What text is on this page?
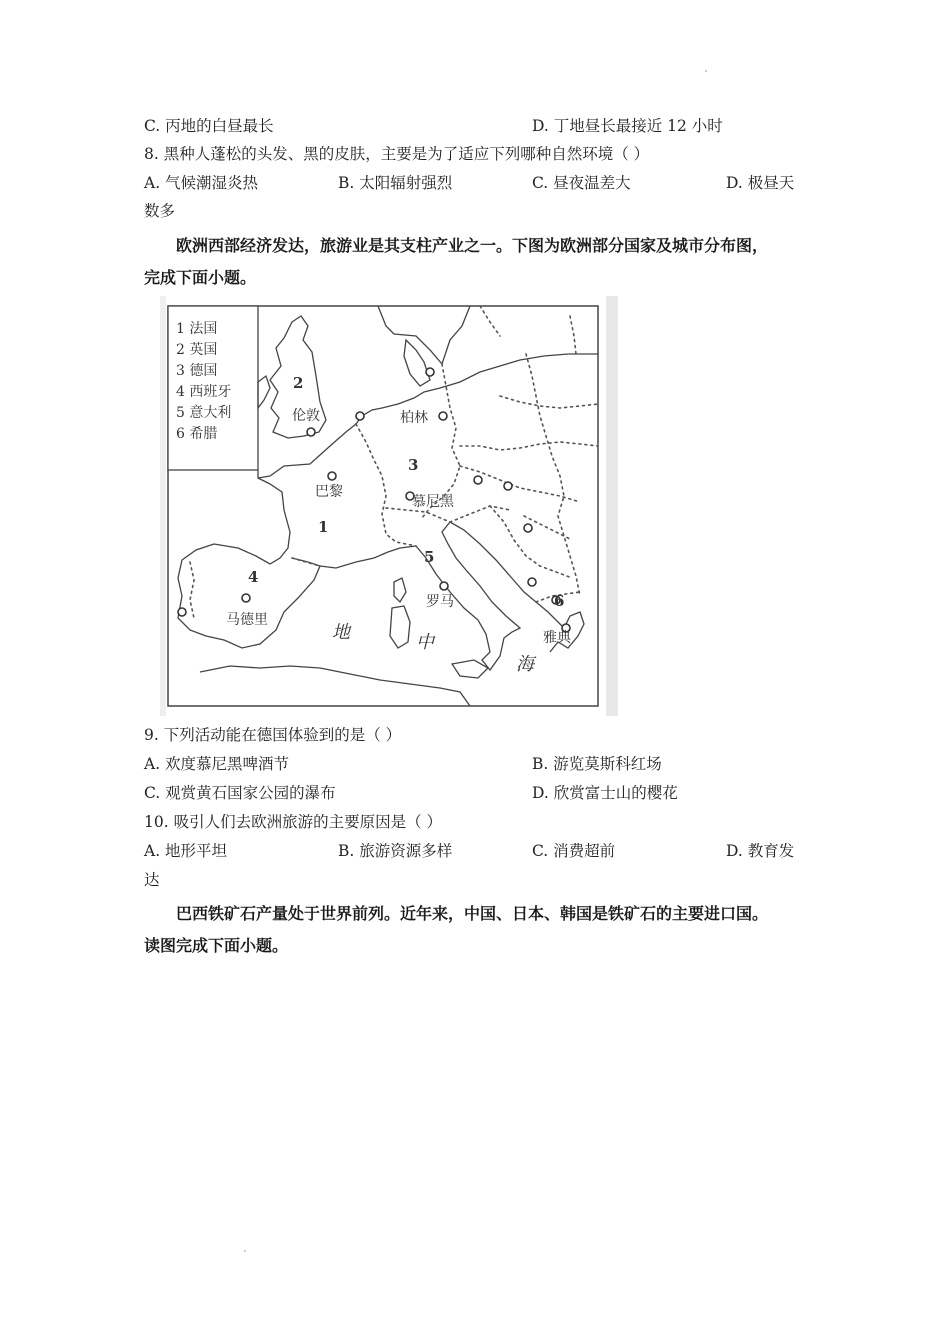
C. 丙地的白昼最长	D. 丁地昼长最接近 12 小时
8. 黑种人蓬松的头发、黑的皮肤，主要是为了适应下列哪种自然环境（ ）
A. 气候潮湿炎热	B. 太阳辐射强烈	C. 昼夜温差大	D. 极昼天
数多
欧洲西部经济发达，旅游业是其支柱产业之一。下图为欧洲部分国家及城市分布图，
完成下面小题。
1 法国
2 英国
3 德国
4 西班牙
5 意大利
6 希腊
伦敦	柏林
巴黎
慕尼黑
罗马
马德里
雅典
1
2
3
4
5
6
地	中
海
9. 下列活动能在德国体验到的是（ ）
A. 欢度慕尼黑啤酒节	B. 游览莫斯科红场
C. 观赏黄石国家公园的瀑布	D. 欣赏富士山的樱花
10. 吸引人们去欧洲旅游的主要原因是（ ）
A. 地形平坦	B. 旅游资源多样	C. 消费超前	D. 教育发
达
巴西铁矿石产量处于世界前列。近年来，中国、日本、韩国是铁矿石的主要进口国。
读图完成下面小题。
